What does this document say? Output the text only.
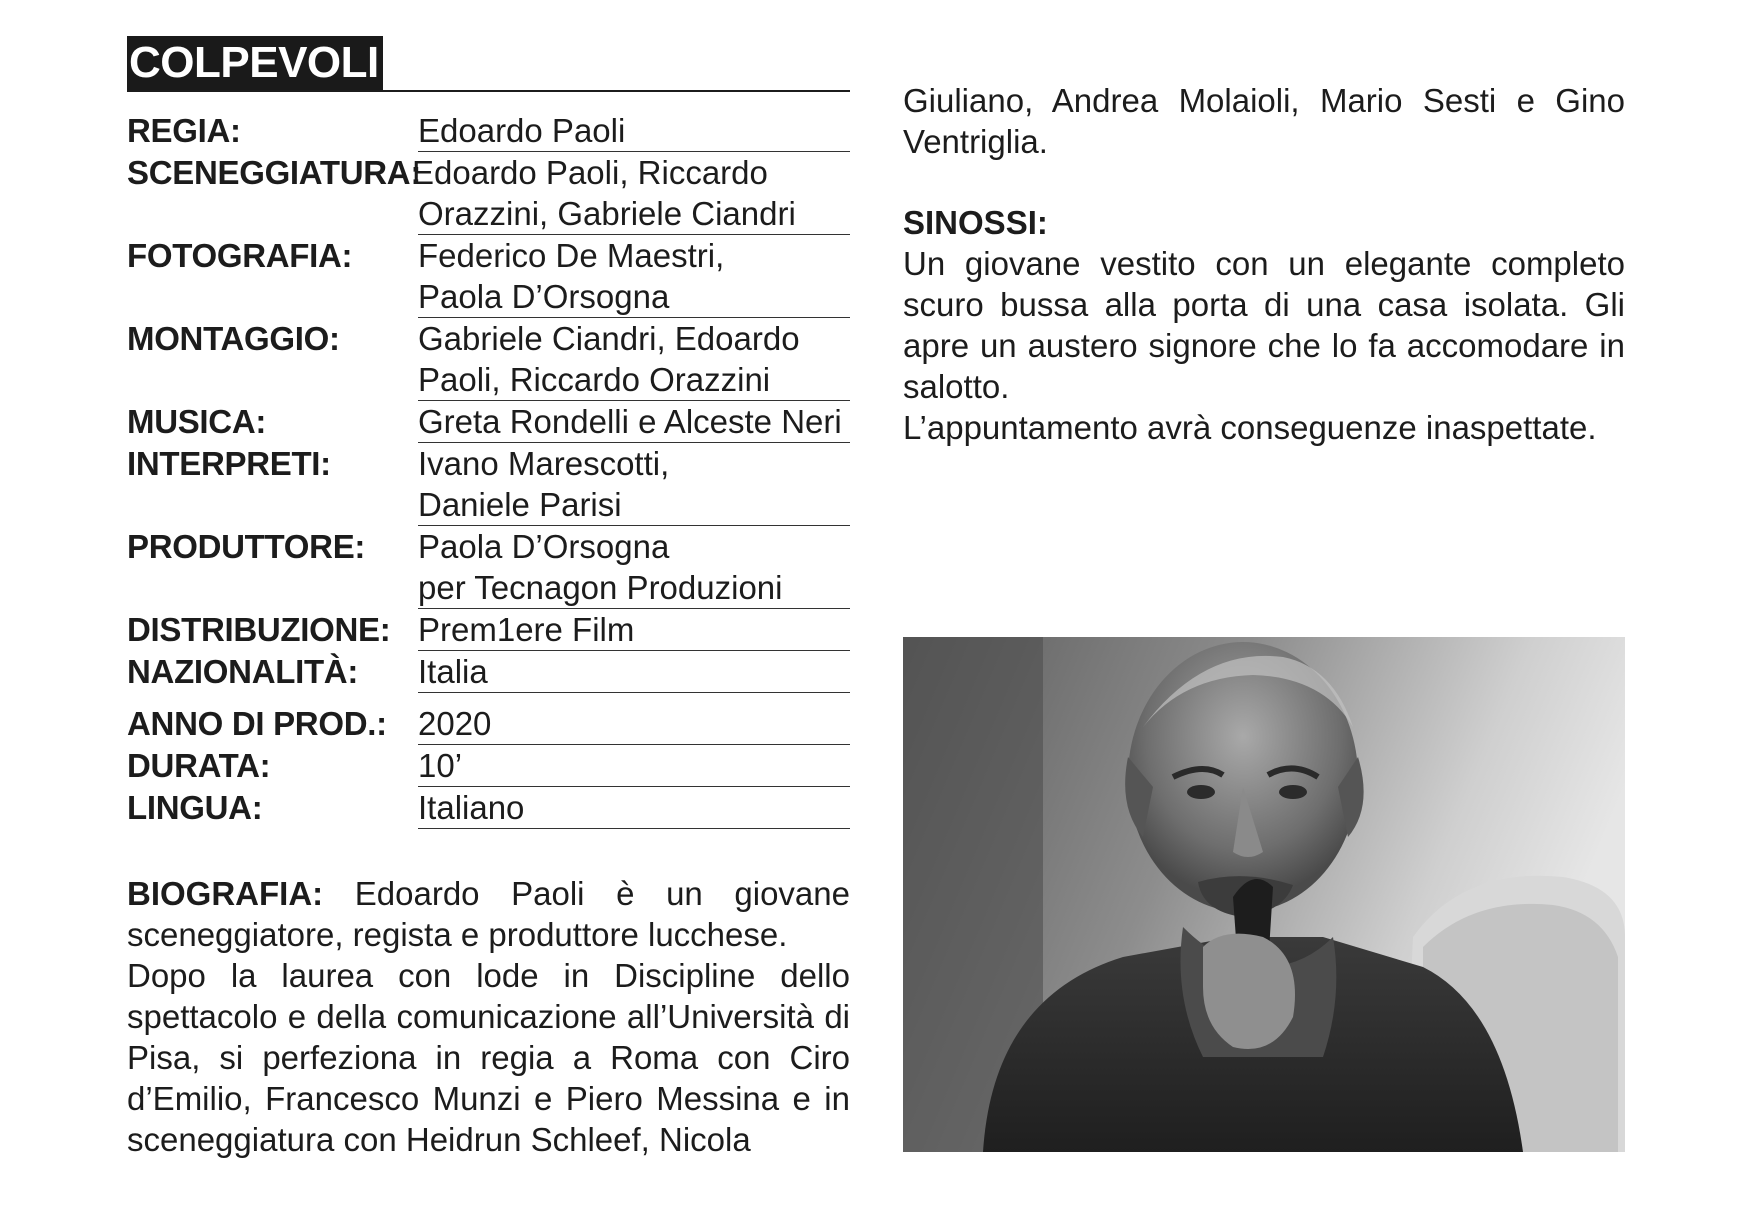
COLPEVOLI
REGIA:	Edoardo Paoli
SCENEGGIATURA:
Edoardo Paoli, Riccardo
Orazzini, Gabriele Ciandri
FOTOGRAFIA:	Federico De Maestri,
Paola D’Orsogna
MONTAGGIO:	Gabriele Ciandri, Edoardo
Paoli, Riccardo Orazzini
MUSICA:	Greta Rondelli e Alceste Neri
INTERPRETI:	Ivano Marescotti,
Daniele Parisi
PRODUTTORE:	Paola D’Orsogna
per Tecnagon Produzioni
DISTRIBUZIONE: Prem1ere Film
NAZIONALITÀ:	Italia
ANNO DI PROD.: 2020
DURATA:	10’
LINGUA:	Italiano

BIOGRAFIA: Edoardo Paoli è un giovane sceneggiatore, regista e produttore lucchese.

Dopo la laurea con lode in Discipline dello spettacolo e della comunicazione all’Università di Pisa, si perfeziona in regia a Roma con Ciro d’Emilio, Francesco Munzi e Piero Messina e in sceneggiatura con Heidrun Schleef, Nicola

Giuliano, Andrea Molaioli, Mario Sesti e Gino Ventriglia.

SINOSSI:

Un giovane vestito con un elegante completo scuro bussa alla porta di una casa isolata. Gli apre un austero signore che lo fa accomodare in salotto.

L’appuntamento avrà conseguenze inaspettate.
